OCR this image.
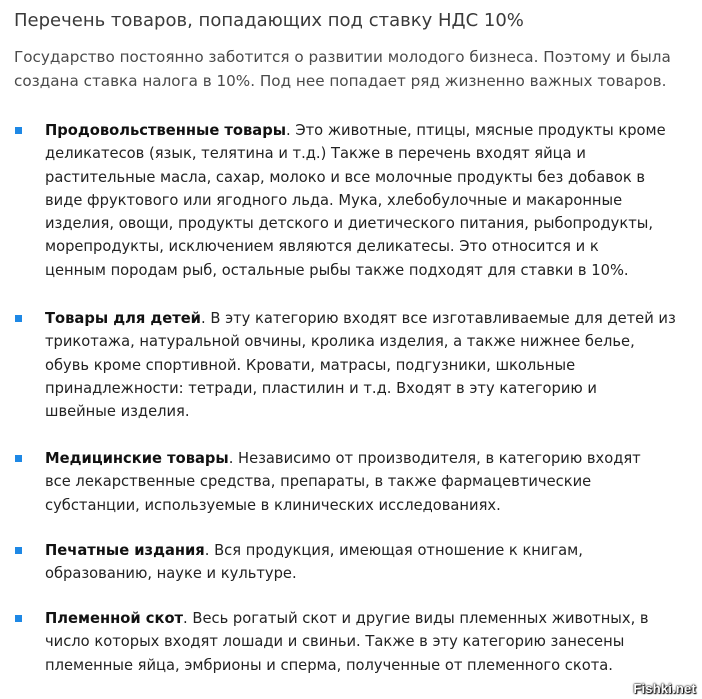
Перечень товаров, попадающих под ставку НДС 10%
Государство постоянно заботится о развитии молодого бизнеса. Поэтому и была
создана ставка налога в 10%. Под нее попадает ряд жизненно важных товаров.
Продовольственные товары. Это животные, птицы, мясные продукты кроме
деликатесов (язык, телятина и т.д.) Также в перечень входят яйца и
растительные масла, сахар, молоко и все молочные продукты без добавок в
виде фруктового или ягодного льда. Мука, хлебобулочные и макаронные
изделия, овощи, продукты детского и диетического питания, рыбопродукты,
морепродукты, исключением являются деликатесы. Это относится и к
ценным породам рыб, остальные рыбы также подходят для ставки в 10%.
Товары для детей. В эту категорию входят все изготавливаемые для детей из
трикотажа, натуральной овчины, кролика изделия, а также нижнее белье,
обувь кроме спортивной. Кровати, матрасы, подгузники, школьные
принадлежности: тетради, пластилин и т.д. Входят в эту категорию и
швейные изделия.
Медицинские товары. Независимо от производителя, в категорию входят
все лекарственные средства, препараты, в также фармацевтические
субстанции, используемые в клинических исследованиях.
Печатные издания. Вся продукция, имеющая отношение к книгам,
образованию, науке и культуре.
Племенной скот. Весь рогатый скот и другие виды племенных животных, в
число которых входят лошади и свиньи. Также в эту категорию занесены
племенные яйца, эмбрионы и сперма, полученные от племенного скота.
Fishki.net
